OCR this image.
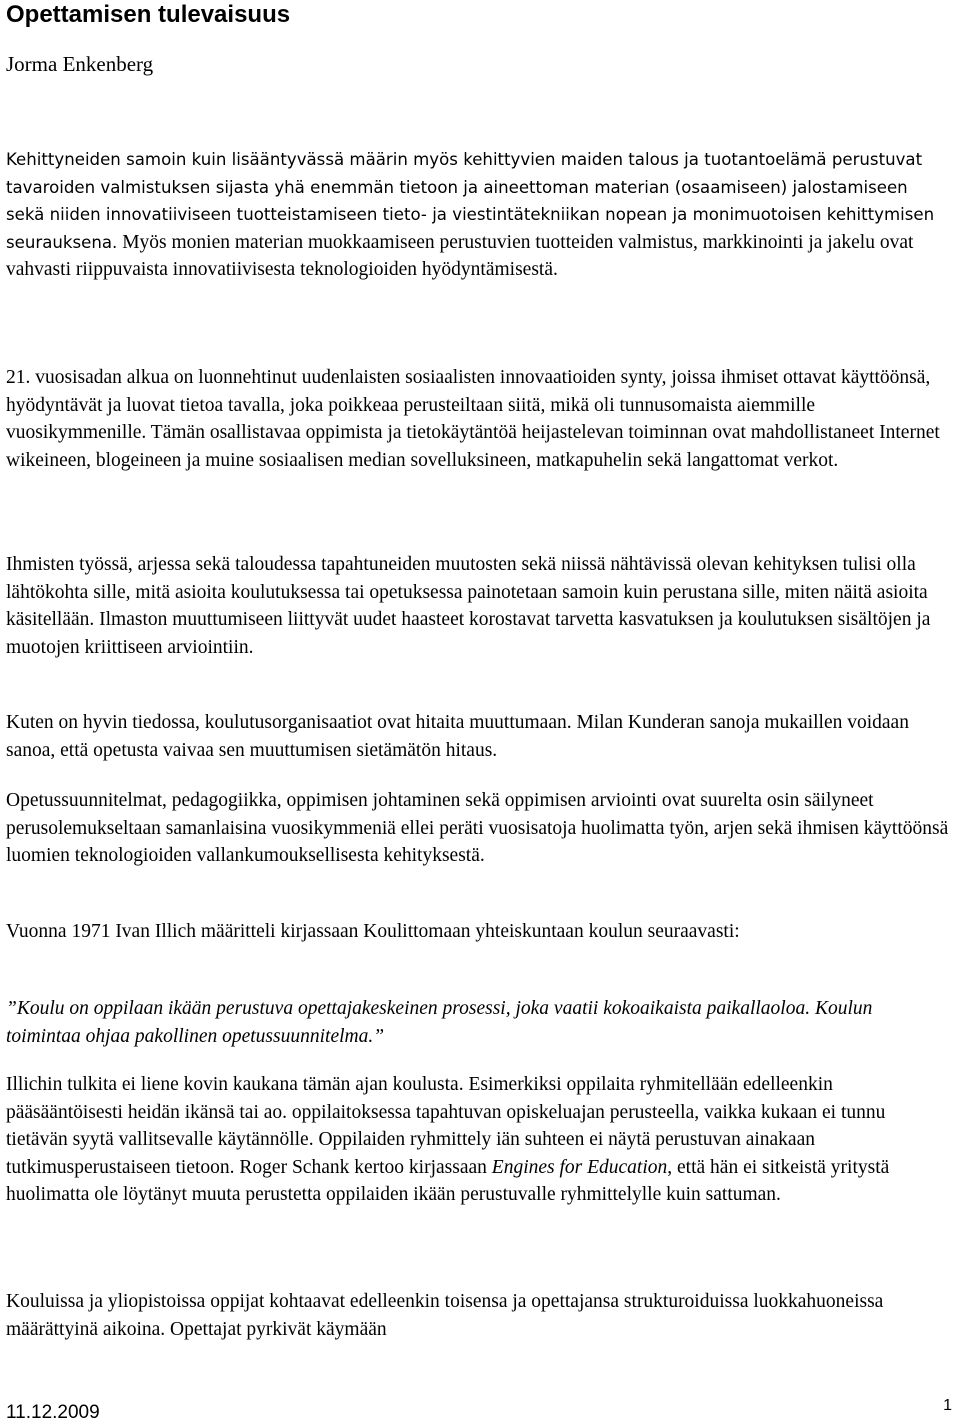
Opettamisen tulevaisuus
Jorma Enkenberg

Kehittyneiden samoin kuin lisääntyvässä määrin myös kehittyvien maiden talous ja tuotantoelämä perustuvat tavaroiden valmistuksen sijasta yhä enemmän tietoon ja aineettoman materian (osaamiseen) jalostamiseen sekä niiden innovatiiviseen tuotteistamiseen tieto- ja viestintätekniikan nopean ja monimuotoisen kehittymisen seurauksena. Myös monien materian muokkaamiseen perustuvien tuotteiden valmistus, markkinointi ja jakelu ovat vahvasti riippuvaista innovatiivisesta teknologioiden hyödyntämisestä.

21. vuosisadan alkua on luonnehtinut uudenlaisten sosiaalisten innovaatioiden synty, joissa ihmiset ottavat käyttöönsä, hyödyntävät ja luovat tietoa tavalla, joka poikkeaa perusteiltaan siitä, mikä oli tunnusomaista aiemmille vuosikymmenille. Tämän osallistavaa oppimista ja tietokäytäntöä heijastelevan toiminnan ovat mahdollistaneet Internet wikeineen, blogeineen ja muine sosiaalisen median sovelluksineen, matkapuhelin sekä langattomat verkot.

Ihmisten työssä, arjessa sekä taloudessa tapahtuneiden muutosten sekä niissä nähtävissä olevan kehityksen tulisi olla lähtökohta sille, mitä asioita koulutuksessa tai opetuksessa painotetaan samoin kuin perustana sille, miten näitä asioita käsitellään. Ilmaston muuttumiseen liittyvät uudet haasteet korostavat tarvetta kasvatuksen ja koulutuksen sisältöjen ja muotojen kriittiseen arviointiin.

Kuten on hyvin tiedossa, koulutusorganisaatiot ovat hitaita muuttumaan. Milan Kunderan sanoja mukaillen voidaan sanoa, että opetusta vaivaa sen muuttumisen sietämätön hitaus.

Opetussuunnitelmat, pedagogiikka, oppimisen johtaminen sekä oppimisen arviointi ovat suurelta osin säilyneet perusolemukseltaan samanlaisina vuosikymmeniä ellei peräti vuosisatoja huolimatta työn, arjen sekä ihmisen käyttöönsä luomien teknologioiden vallankumouksellisesta kehityksestä.

Vuonna 1971 Ivan Illich määritteli kirjassaan Koulittomaan yhteiskuntaan koulun seuraavasti:

”Koulu on oppilaan ikään perustuva opettajakeskeinen prosessi, joka vaatii kokoaikaista paikallaoloa. Koulun toimintaa ohjaa pakollinen opetussuunnitelma.”

Illichin tulkita ei liene kovin kaukana tämän ajan koulusta. Esimerkiksi oppilaita ryhmitellään edelleenkin pääsääntöisesti heidän ikänsä tai ao. oppilaitoksessa tapahtuvan opiskeluajan perusteella, vaikka kukaan ei tunnu tietävän syytä vallitsevalle käytännölle. Oppilaiden ryhmittely iän suhteen ei näytä perustuvan ainakaan tutkimusperustaiseen tietoon. Roger Schank kertoo kirjassaan Engines for Education, että hän ei sitkeistä yritystä huolimatta ole löytänyt muuta perustetta oppilaiden ikään perustuvalle ryhmittelylle kuin sattuman.

Kouluissa ja yliopistoissa oppijat kohtaavat edelleenkin toisensa ja opettajansa strukturoiduissa luokkahuoneissa määrättyinä aikoina. Opettajat pyrkivät käymään

11.12.2009	1
